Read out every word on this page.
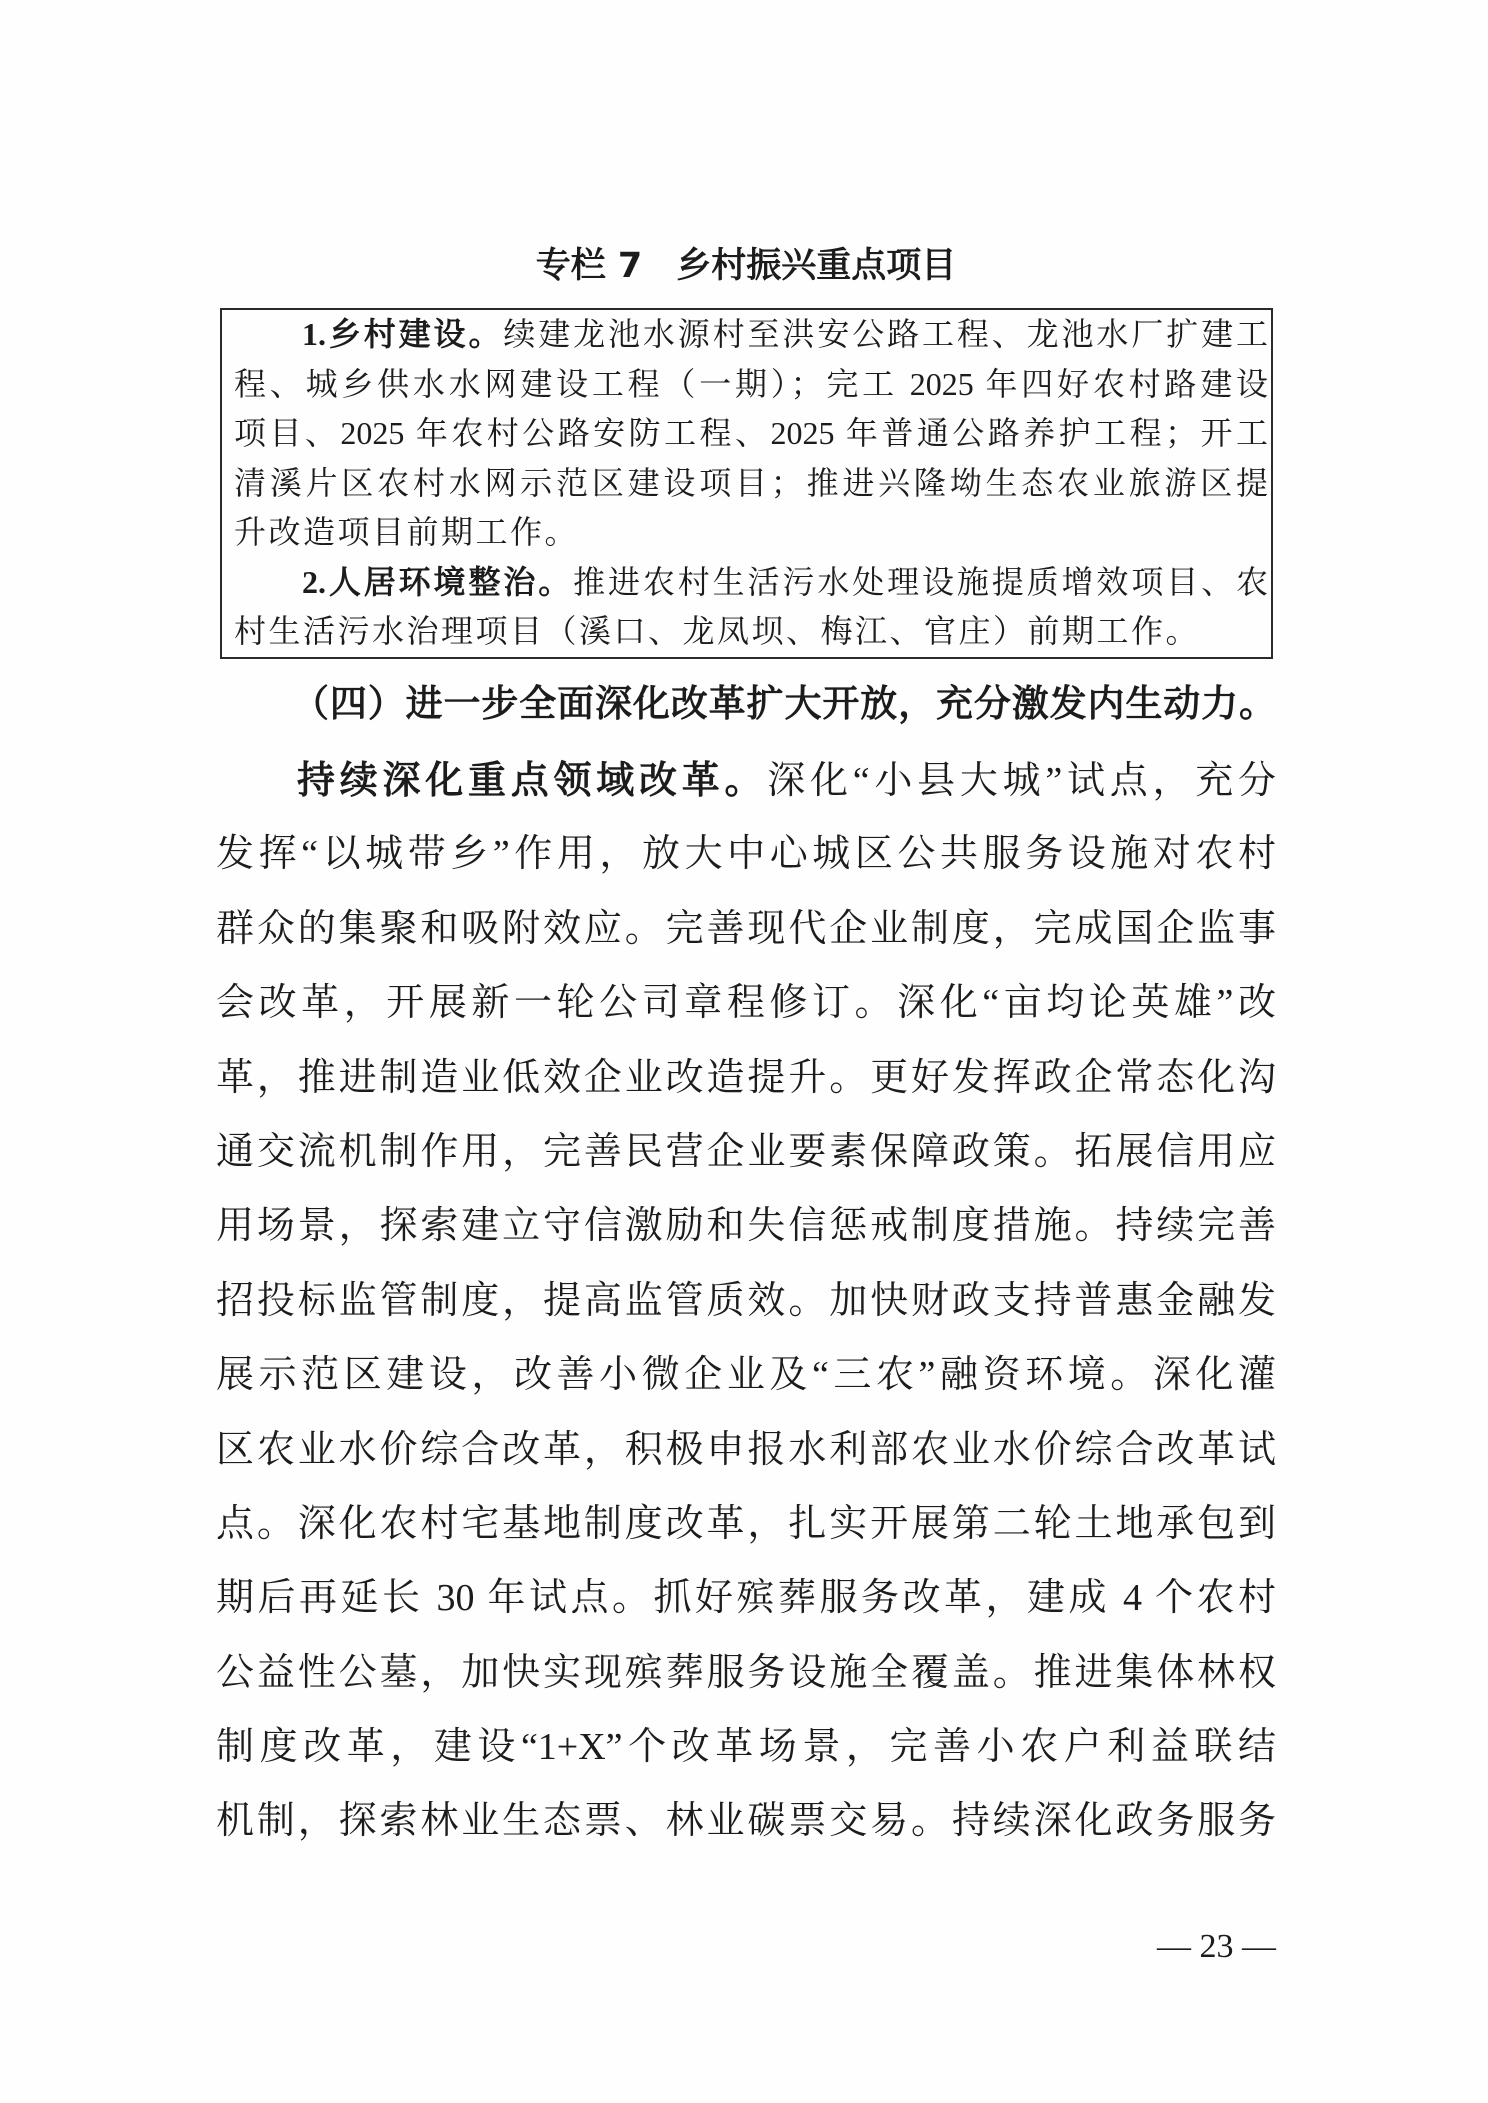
专栏 7 乡村振兴重点项目
1.乡村建设。续建龙池水源村至洪安公路工程、龙池水厂扩建工
程、城乡供水水网建设工程（一期）；完工 2025 年四好农村路建设
项目、2025 年农村公路安防工程、2025 年普通公路养护工程；开工
清溪片区农村水网示范区建设项目；推进兴隆坳生态农业旅游区提
升改造项目前期工作。
2.人居环境整治。推进农村生活污水处理设施提质增效项目、农
村生活污水治理项目（溪口、龙凤坝、梅江、官庄）前期工作。
（四）进一步全面深化改革扩大开放，充分激发内生动力。
持续深化重点领域改革。深化“小县大城”试点，充分
发挥“以城带乡”作用，放大中心城区公共服务设施对农村
群众的集聚和吸附效应。完善现代企业制度，完成国企监事
会改革，开展新一轮公司章程修订。深化“亩均论英雄”改
革，推进制造业低效企业改造提升。更好发挥政企常态化沟
通交流机制作用，完善民营企业要素保障政策。拓展信用应
用场景，探索建立守信激励和失信惩戒制度措施。持续完善
招投标监管制度，提高监管质效。加快财政支持普惠金融发
展示范区建设，改善小微企业及“三农”融资环境。深化灌
区农业水价综合改革，积极申报水利部农业水价综合改革试
点。深化农村宅基地制度改革，扎实开展第二轮土地承包到
期后再延长 30 年试点。抓好殡葬服务改革，建成 4 个农村
公益性公墓，加快实现殡葬服务设施全覆盖。推进集体林权
制度改革，建设“1+X”个改革场景，完善小农户利益联结
机制，探索林业生态票、林业碳票交易。持续深化政务服务
— 23 —
